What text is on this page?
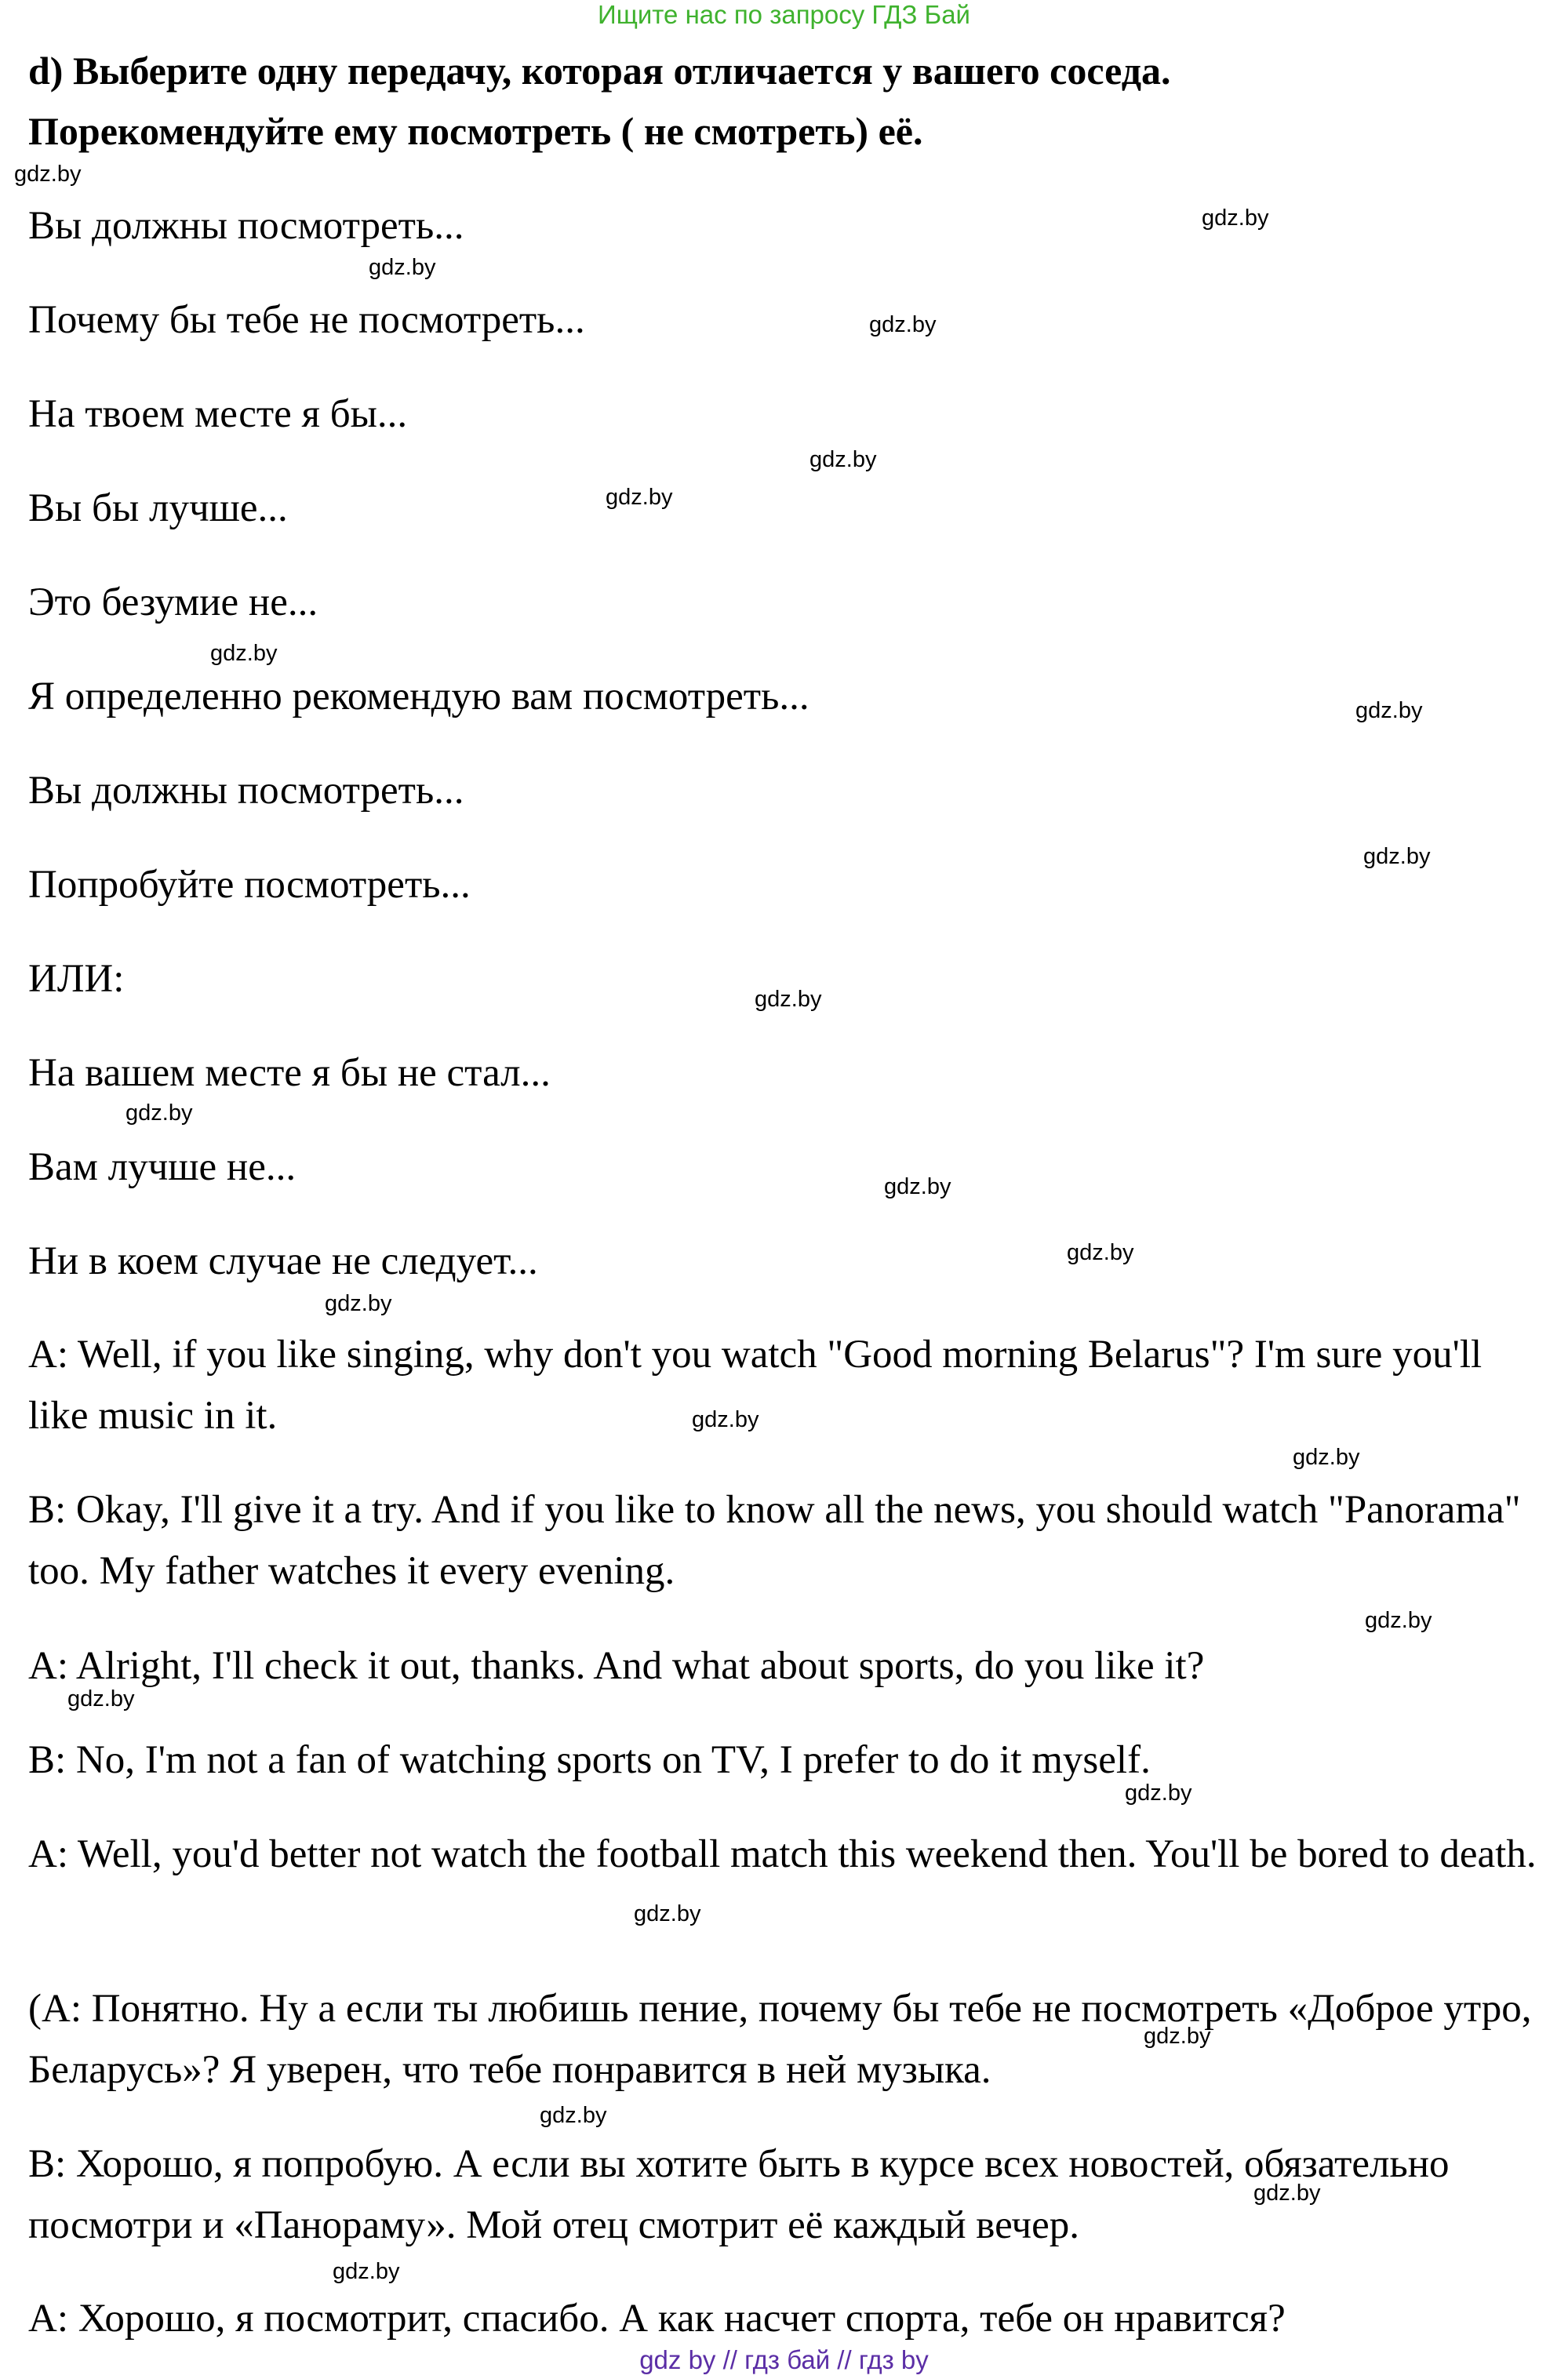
Ищите нас по запросу ГДЗ Бай
d) Выберите одну передачу, которая отличается у вашего соседа.
Порекомендуйте ему посмотреть ( не смотреть) её.
Вы должны посмотреть...
Почему бы тебе не посмотреть...
На твоем месте я бы...
Вы бы лучше...
Это безумие не...
Я определенно рекомендую вам посмотреть...
Вы должны посмотреть...
Попробуйте посмотреть...
ИЛИ:
На вашем месте я бы не стал...
Вам лучше не...
Ни в коем случае не следует...
A: Well, if you like singing, why don't you watch "Good morning Belarus"? I'm sure you'll like music in it.
B: Okay, I'll give it a try. And if you like to know all the news, you should watch "Panorama" too. My father watches it every evening.
A: Alright, I'll check it out, thanks. And what about sports, do you like it?
B: No, I'm not a fan of watching sports on TV, I prefer to do it myself.
A: Well, you'd better not watch the football match this weekend then. You'll be bored to death.
(А: Понятно. Ну а если ты любишь пение, почему бы тебе не посмотреть «Доброе утро, Беларусь»? Я уверен, что тебе понравится в ней музыка.
В: Хорошо, я попробую. А если вы хотите быть в курсе всех новостей, обязательно посмотри и «Панораму». Мой отец смотрит её каждый вечер.
А: Хорошо, я посмотрит, спасибо. А как насчет спорта, тебе он нравится?
gdz.by
gdz.by
gdz.by
gdz.by
gdz.by
gdz.by
gdz.by
gdz.by
gdz.by
gdz.by
gdz.by
gdz.by
gdz.by
gdz.by
gdz.by
gdz.by
gdz.by
gdz.by
gdz.by
gdz.by
gdz.by
gdz.by
gdz.by
gdz.by
gdz by // гдз бай // гдз by
